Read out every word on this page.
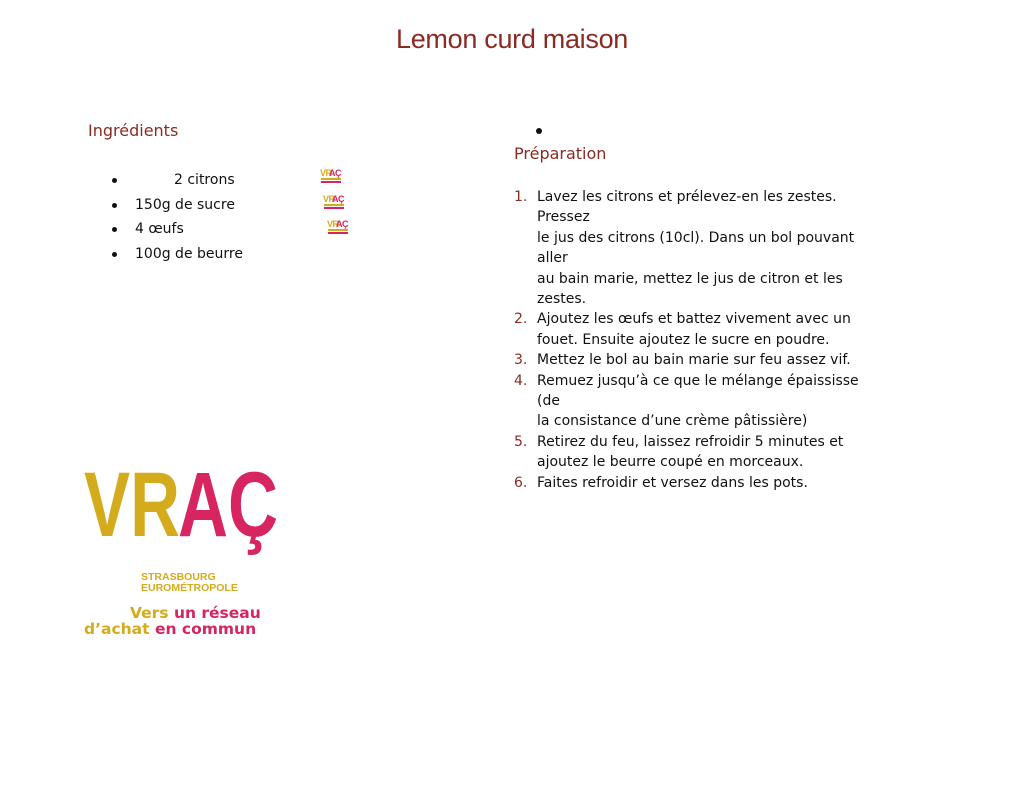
Lemon curd maison
Ingrédients
2 citrons
150g de sucre
4 œufs
100g de beurre
VR
AÇ
VR
AÇ
VR
AÇ
Préparation
1. Lavez les citrons et prélevez-en les zestes. Pressez
le jus des citrons (10cl). Dans un bol pouvant aller
au bain marie, mettez le jus de citron et les
zestes.
2. Ajoutez les œufs et battez vivement avec un
fouet. Ensuite ajoutez le sucre en poudre.
3. Mettez le bol au bain marie sur feu assez vif.
4. Remuez jusqu’à ce que le mélange épaississe (de
la consistance d’une crème pâtissière)
5. Retirez du feu, laissez refroidir 5 minutes et
ajoutez le beurre coupé en morceaux.
6. Faites refroidir et versez dans les pots.
VR
AÇ
STRASBOURG
EUROMÉTROPOLE
Vers un réseau
d’achat en commun
